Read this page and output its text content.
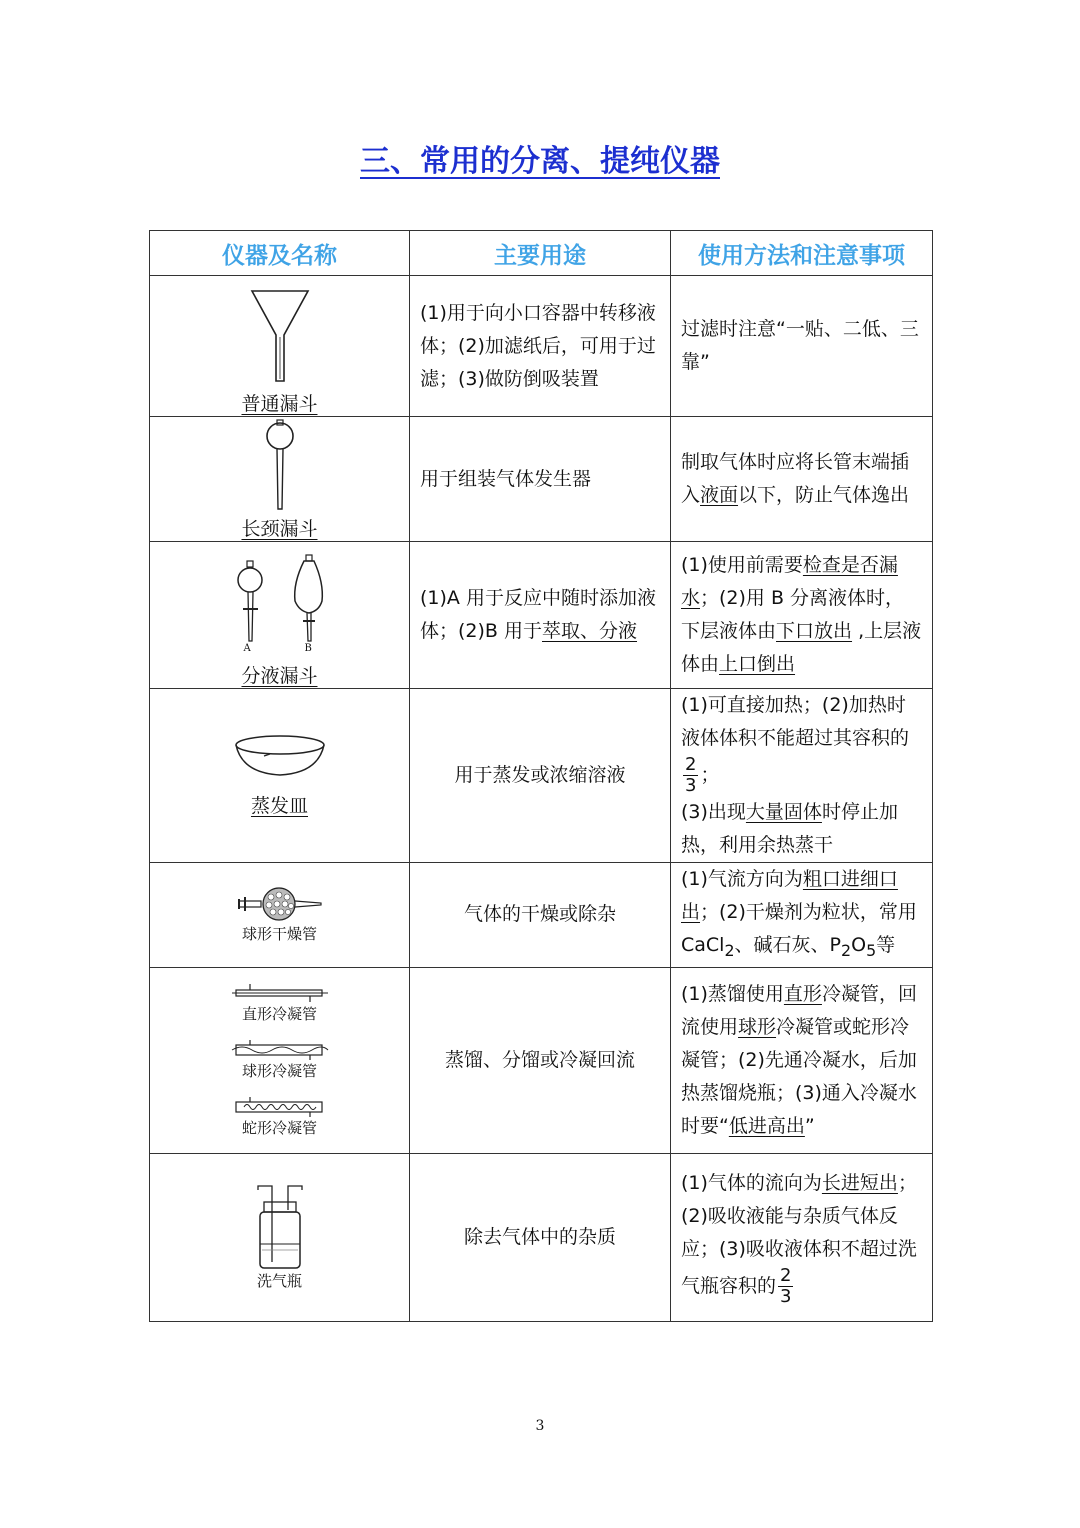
三、常用的分离、提纯仪器
仪器及名称	主要用途	使用方法和注意事项

普通漏斗	(1)用于向小口容器中转移液体；(2)加滤纸后，可用于过滤；(3)做防倒吸装置	过滤时注意“一贴、二低、三靠”

长颈漏斗	用于组装气体发生器	制取气体时应将长管末端插入液面以下，防止气体逸出

A B
分液漏斗	(1)A 用于反应中随时添加液体；(2)B 用于萃取、分液	(1)使用前需要检查是否漏水；(2)用 B 分离液体时，下层液体由下口放出 ,上层液体由上口倒出

蒸发皿	用于蒸发或浓缩溶液	(1)可直接加热；(2)加热时液体体积不能超过其容积的
$\frac{2}{3}$ ；
(3)出现大量固体时停止加热，利用余热蒸干

球形干燥管	气体的干燥或除杂	(1)气流方向为粗口进细口出；(2)干燥剂为粒状，常用 CaCl$_2$、碱石灰、$P_2O_5$等

直形冷凝管
球形冷凝管
蛇形冷凝管	蒸馏、分馏或冷凝回流	(1)蒸馏使用直形冷凝管，回流使用球形冷凝管或蛇形冷凝管；(2)先通冷凝水，后加热蒸馏烧瓶；(3)通入冷凝水时要“低进高出”

洗气瓶	除去气体中的杂质	(1)气体的流向为长进短出；(2)吸收液能与杂质气体反应；(3)吸收液体积不超过洗气瓶容积的 $\frac{2}{3}$
3
